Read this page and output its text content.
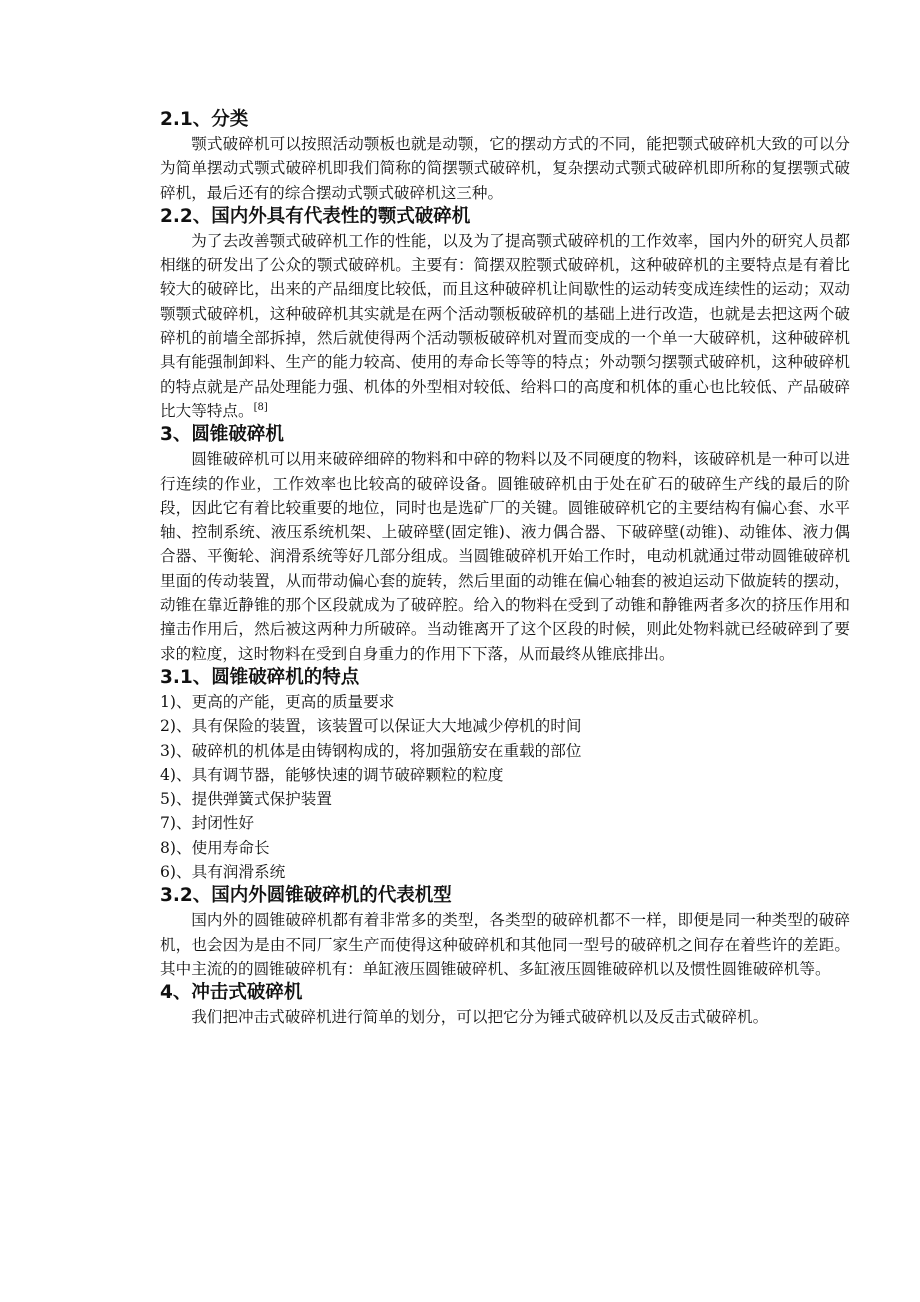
2.1、分类

颚式破碎机可以按照活动颚板也就是动颚，它的摆动方式的不同，能把颚式破碎机大致的可以分为简单摆动式颚式破碎机即我们简称的简摆颚式破碎机，复杂摆动式颚式破碎机即所称的复摆颚式破碎机，最后还有的综合摆动式颚式破碎机这三种。

2.2、国内外具有代表性的颚式破碎机

为了去改善颚式破碎机工作的性能，以及为了提高颚式破碎机的工作效率，国内外的研究人员都相继的研发出了公众的颚式破碎机。主要有：简摆双腔颚式破碎机，这种破碎机的主要特点是有着比较大的破碎比，出来的产品细度比较低，而且这种破碎机让间歇性的运动转变成连续性的运动；双动颚颚式破碎机，这种破碎机其实就是在两个活动颚板破碎机的基础上进行改造，也就是去把这两个破碎机的前墙全部拆掉，然后就使得两个活动颚板破碎机对置而变成的一个单一大破碎机，这种破碎机具有能强制卸料、生产的能力较高、使用的寿命长等等的特点；外动颚匀摆颚式破碎机，这种破碎机的特点就是产品处理能力强、机体的外型相对较低、给料口的高度和机体的重心也比较低、产品破碎比大等特点。[8]

3、圆锥破碎机

圆锥破碎机可以用来破碎细碎的物料和中碎的物料以及不同硬度的物料，该破碎机是一种可以进行连续的作业，工作效率也比较高的破碎设备。圆锥破碎机由于处在矿石的破碎生产线的最后的阶段，因此它有着比较重要的地位，同时也是选矿厂的关键。圆锥破碎机它的主要结构有偏心套、水平轴、控制系统、液压系统机架、上破碎壁(固定锥)、液力偶合器、下破碎壁(动锥)、动锥体、液力偶合器、平衡轮、润滑系统等好几部分组成。当圆锥破碎机开始工作时，电动机就通过带动圆锥破碎机里面的传动装置，从而带动偏心套的旋转，然后里面的动锥在偏心轴套的被迫运动下做旋转的摆动，动锥在靠近静锥的那个区段就成为了破碎腔。给入的物料在受到了动锥和静锥两者多次的挤压作用和撞击作用后，然后被这两种力所破碎。当动锥离开了这个区段的时候，则此处物料就已经破碎到了要求的粒度，这时物料在受到自身重力的作用下下落，从而最终从锥底排出。

3.1、圆锥破碎机的特点

1)、更高的产能，更高的质量要求

2)、具有保险的装置，该装置可以保证大大地减少停机的时间

3)、破碎机的机体是由铸钢构成的，将加强筋安在重载的部位

4)、具有调节器，能够快速的调节破碎颗粒的粒度

5)、提供弹簧式保护装置

7)、封闭性好

8)、使用寿命长

6)、具有润滑系统

3.2、国内外圆锥破碎机的代表机型

国内外的圆锥破碎机都有着非常多的类型，各类型的破碎机都不一样，即便是同一种类型的破碎机，也会因为是由不同厂家生产而使得这种破碎机和其他同一型号的破碎机之间存在着些许的差距。其中主流的的圆锥破碎机有：单缸液压圆锥破碎机、多缸液压圆锥破碎机以及惯性圆锥破碎机等。

4、冲击式破碎机

我们把冲击式破碎机进行简单的划分，可以把它分为锤式破碎机以及反击式破碎机。
